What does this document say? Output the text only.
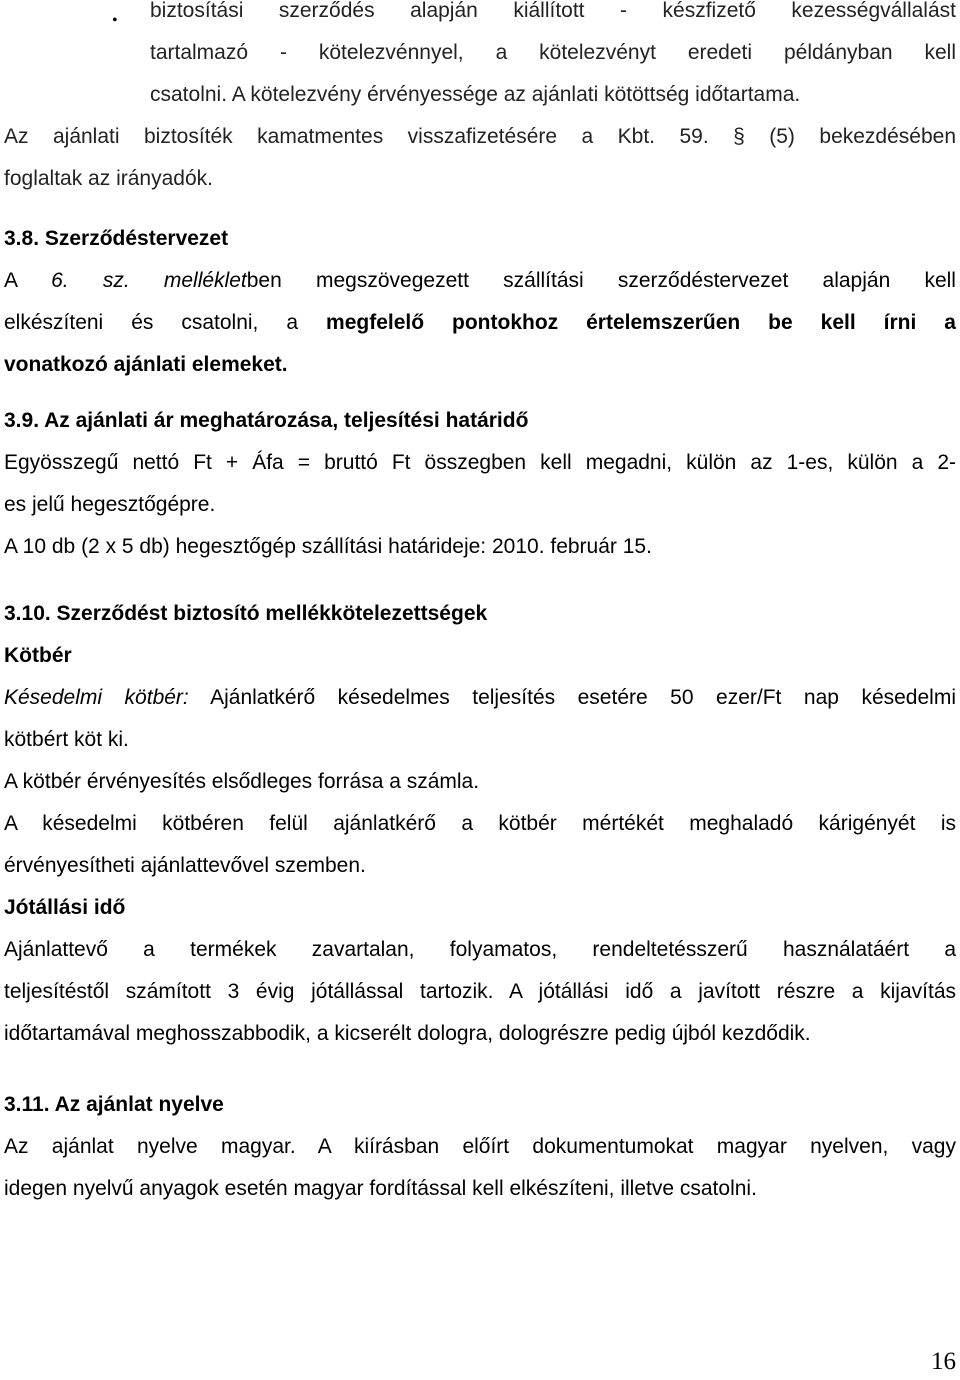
• biztosítási szerződés alapján kiállított - készfizető kezességvállalást
tartalmazó - kötelezvénnyel, a kötelezvényt eredeti példányban kell
csatolni. A kötelezvény érvényessége az ajánlati kötöttség időtartama.
Az ajánlati biztosíték kamatmentes visszafizetésére a Kbt. 59. § (5) bekezdésében
foglaltak az irányadók.
3.8. Szerződéstervezet
A 6. sz. mellékletben megszövegezett szállítási szerződéstervezet alapján kell
elkészíteni és csatolni, a megfelelő pontokhoz értelemszerűen be kell írni a
vonatkozó ajánlati elemeket.
3.9. Az ajánlati ár meghatározása, teljesítési határidő
Egyösszegű nettó Ft + Áfa = bruttó Ft összegben kell megadni, külön az 1-es, külön a 2-
es jelű hegesztőgépre.
A 10 db (2 x 5 db) hegesztőgép szállítási határideje: 2010. február 15.
3.10. Szerződést biztosító mellékkötelezettségek
Kötbér
Késedelmi kötbér: Ajánlatkérő késedelmes teljesítés esetére 50 ezer/Ft nap késedelmi
kötbért köt ki.
A kötbér érvényesítés elsődleges forrása a számla.
A késedelmi kötbéren felül ajánlatkérő a kötbér mértékét meghaladó kárigényét is
érvényesítheti ajánlattevővel szemben.
Jótállási idő
Ajánlattevő a termékek zavartalan, folyamatos, rendeltetésszerű használatáért a
teljesítéstől számított 3 évig jótállással tartozik. A jótállási idő a javított részre a kijavítás
időtartamával meghosszabbodik, a kicserélt dologra, dologrészre pedig újból kezdődik.
3.11. Az ajánlat nyelve
Az ajánlat nyelve magyar. A kiírásban előírt dokumentumokat magyar nyelven, vagy
idegen nyelvű anyagok esetén magyar fordítással kell elkészíteni, illetve csatolni.
16
